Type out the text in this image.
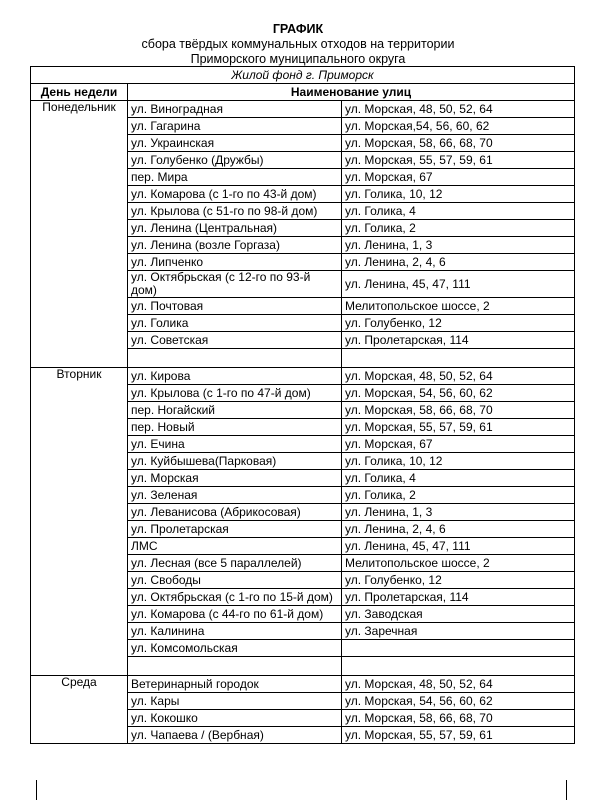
ГРАФИК
сбора твёрдых коммунальных отходов на территории
Приморского муниципального округа
Жилой фонд г. Приморск		
День недели	Наименование улиц	
Понедельник	ул. Виноградная	ул. Морская, 48, 50, 52, 64
	ул. Гагарина	ул. Морская,54, 56, 60, 62
	ул. Украинская	ул. Морская, 58, 66, 68, 70
	ул. Голубенко (Дружбы)	ул. Морская, 55, 57, 59, 61
	пер. Мира	ул. Морская, 67
	ул. Комарова (с 1-го по 43-й дом)	ул. Голика, 10, 12
	ул. Крылова (с 51-го по 98-й дом)	ул. Голика, 4
	ул. Ленина (Центральная)	ул. Голика, 2
	ул. Ленина (возле Горгаза)	ул. Ленина, 1, 3
	ул. Липченко	ул. Ленина, 2, 4, 6
	ул. Октябрьская (с 12-го по 93-й дом)	ул. Ленина, 45, 47, 111
	ул. Почтовая	Мелитопольское шоссе, 2
	ул. Голика	ул. Голубенко, 12
	ул. Советская	ул. Пролетарская, 114

Вторник	ул. Кирова	ул. Морская, 48, 50, 52, 64
	ул. Крылова (с 1-го по 47-й дом)	ул. Морская, 54, 56, 60, 62
	пер. Ногайский	ул. Морская, 58, 66, 68, 70
	пер. Новый	ул. Морская, 55, 57, 59, 61
	ул. Ечина	ул. Морская, 67
	ул. Куйбышева(Парковая)	ул. Голика, 10, 12
	ул. Морская	ул. Голика, 4
	ул. Зеленая	ул. Голика, 2
	ул. Леванисова (Абрикосовая)	ул. Ленина, 1, 3
	ул. Пролетарская	ул. Ленина, 2, 4, 6
	ЛМС	ул. Ленина, 45, 47, 111
	ул. Лесная (все 5 параллелей)	Мелитопольское шоссе, 2
	ул. Свободы	ул. Голубенко, 12
	ул. Октябрьская (с 1-го по 15-й дом)	ул. Пролетарская, 114
	ул. Комарова (с 44-го по 61-й дом)	ул. Заводская
	ул. Калинина	ул. Заречная
	ул. Комсомольская	

Среда	Ветеринарный городок	ул. Морская, 48, 50, 52, 64
	ул. Кары	ул. Морская, 54, 56, 60, 62
	ул. Кокошко	ул. Морская, 58, 66, 68, 70
	ул. Чапаева / (Вербная)	ул. Морская, 55, 57, 59, 61
